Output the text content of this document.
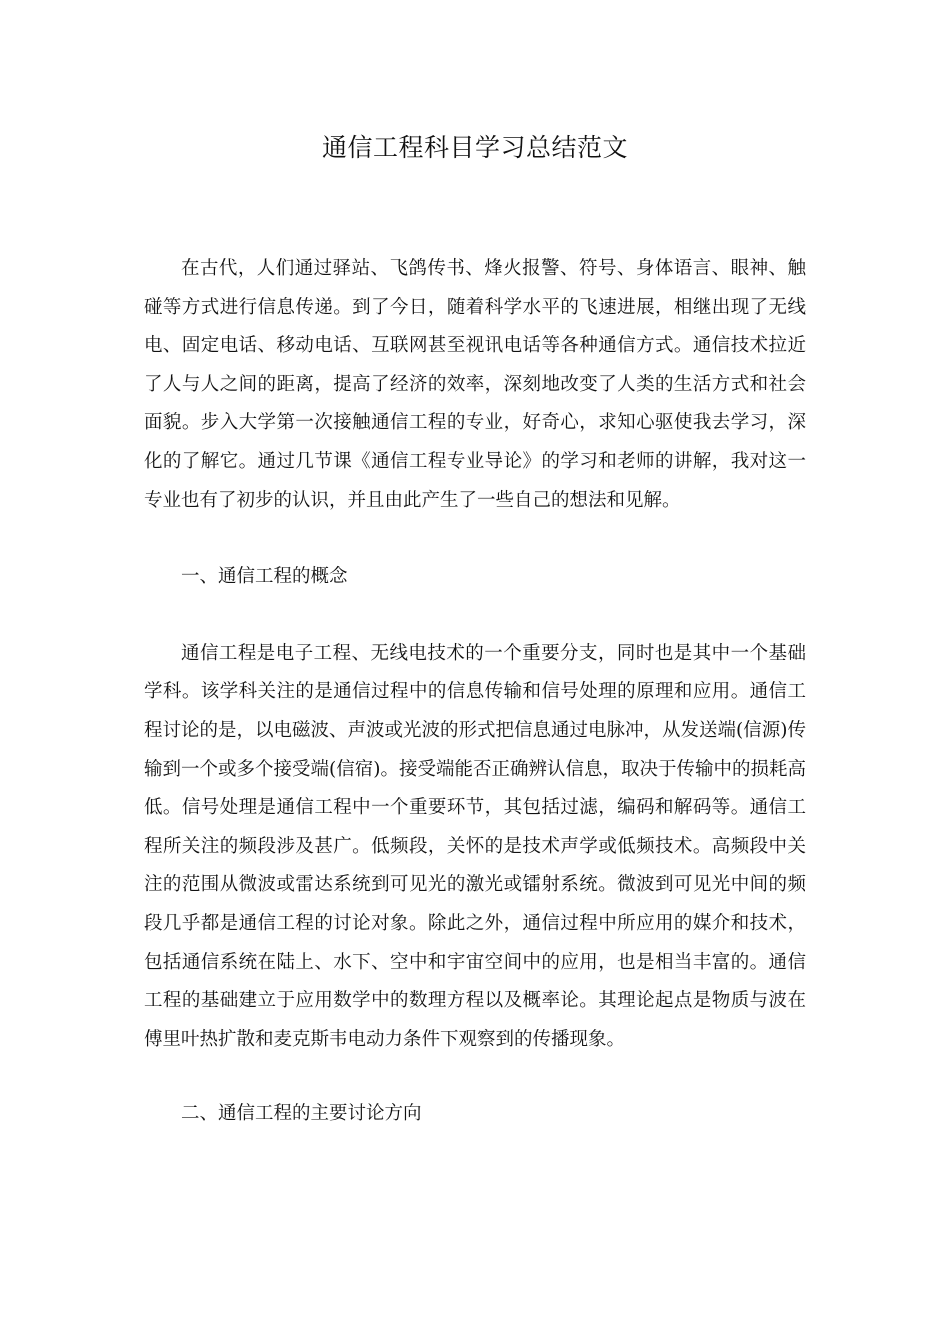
通信工程科目学习总结范文

在古代，人们通过驿站、飞鸽传书、烽火报警、符号、身体语言、眼神、触碰等方式进行信息传递。到了今日，随着科学水平的飞速进展，相继出现了无线电、固定电话、移动电话、互联网甚至视讯电话等各种通信方式。通信技术拉近了人与人之间的距离，提高了经济的效率，深刻地改变了人类的生活方式和社会面貌。步入大学第一次接触通信工程的专业，好奇心，求知心驱使我去学习，深化的了解它。通过几节课《通信工程专业导论》的学习和老师的讲解，我对这一专业也有了初步的认识，并且由此产生了一些自己的想法和见解。

一、通信工程的概念

通信工程是电子工程、无线电技术的一个重要分支，同时也是其中一个基础学科。该学科关注的是通信过程中的信息传输和信号处理的原理和应用。通信工程讨论的是，以电磁波、声波或光波的形式把信息通过电脉冲，从发送端(信源)传输到一个或多个接受端(信宿)。接受端能否正确辨认信息，取决于传输中的损耗高低。信号处理是通信工程中一个重要环节，其包括过滤，编码和解码等。通信工程所关注的频段涉及甚广。低频段，关怀的是技术声学或低频技术。高频段中关注的范围从微波或雷达系统到可见光的激光或镭射系统。微波到可见光中间的频段几乎都是通信工程的讨论对象。除此之外，通信过程中所应用的媒介和技术，包括通信系统在陆上、水下、空中和宇宙空间中的应用，也是相当丰富的。通信工程的基础建立于应用数学中的数理方程以及概率论。其理论起点是物质与波在傅里叶热扩散和麦克斯韦电动力条件下观察到的传播现象。

二、通信工程的主要讨论方向
